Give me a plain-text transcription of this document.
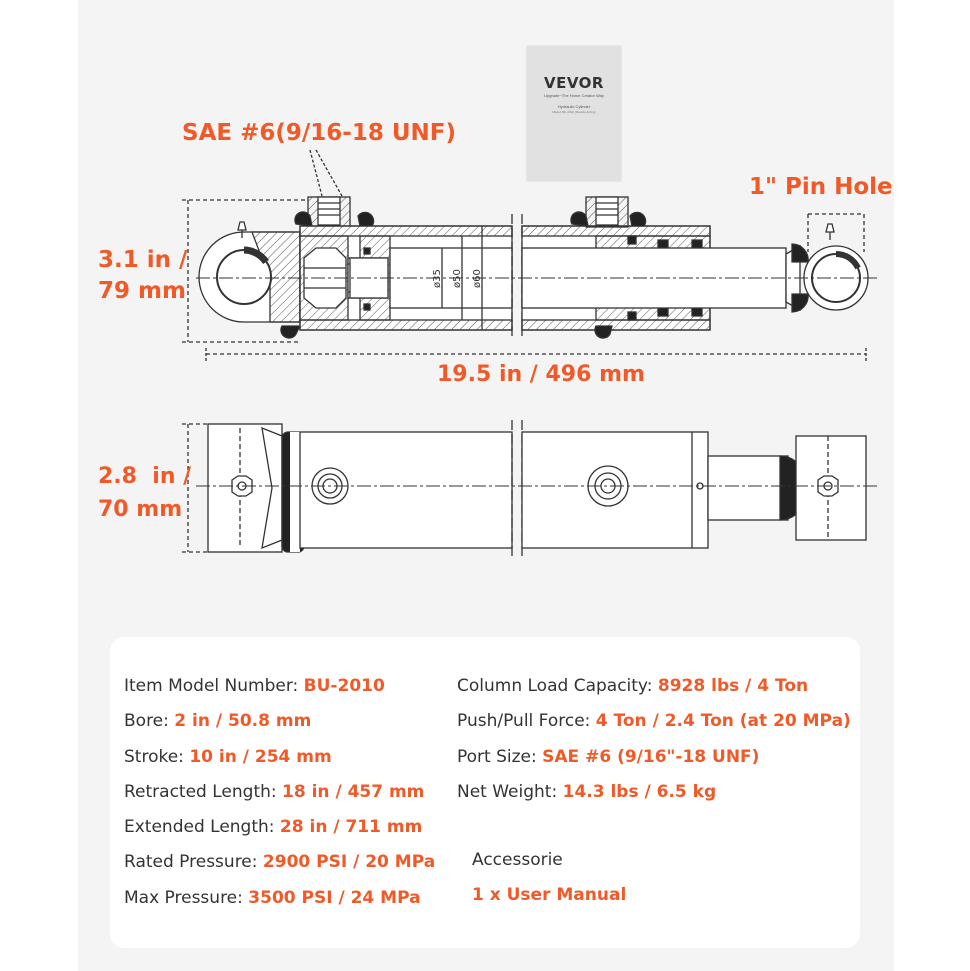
ø35 ø50 ø60
VEVOR
Upgrade~The Home Creator Way
Hydraulic Cylinder
Model: BU-2010 (Double-Acting)
SAE #6(9/16-18 UNF)
1" Pin Hole
3.1 in /
79 mm
19.5 in / 496 mm
2.8  in /
70 mm
Item Model Number: BU-2010
Bore: 2 in / 50.8 mm
Stroke: 10 in / 254 mm
Retracted Length: 18 in / 457 mm
Extended Length: 28 in / 711 mm
Rated Pressure: 2900 PSI / 20 MPa
Max Pressure: 3500 PSI / 24 MPa
Column Load Capacity: 8928 lbs / 4 Ton
Push/Pull Force: 4 Ton / 2.4 Ton (at 20 MPa)
Port Size: SAE #6 (9/16"-18 UNF)
Net Weight: 14.3 lbs / 6.5 kg
Accessorie
1 x User Manual
